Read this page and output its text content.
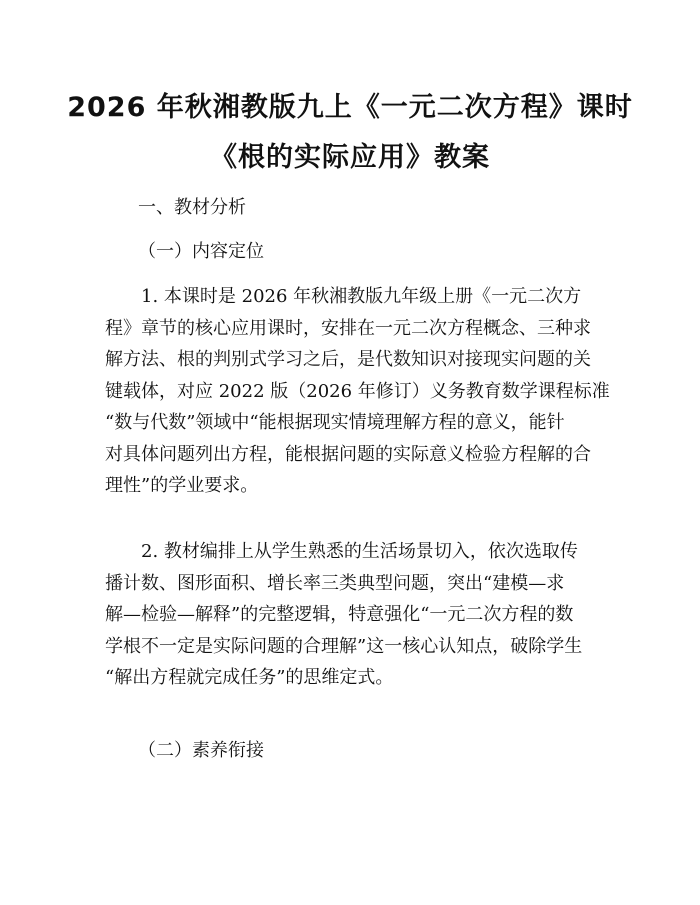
2026 年秋湘教版九上《一元二次方程》课时
《根的实际应用》教案
一、教材分析
（一）内容定位
1. 本课时是 2026 年秋湘教版九年级上册《一元二次方
程》章节的核心应用课时，安排在一元二次方程概念、三种求
解方法、根的判别式学习之后，是代数知识对接现实问题的关
键载体，对应 2022 版（2026 年修订）义务教育数学课程标准
“数与代数”领域中“能根据现实情境理解方程的意义，能针
对具体问题列出方程，能根据问题的实际意义检验方程解的合
理性”的学业要求。
2. 教材编排上从学生熟悉的生活场景切入，依次选取传
播计数、图形面积、增长率三类典型问题，突出“建模—求
解—检验—解释”的完整逻辑，特意强化“一元二次方程的数
学根不一定是实际问题的合理解”这一核心认知点，破除学生
“解出方程就完成任务”的思维定式。
（二）素养衔接
